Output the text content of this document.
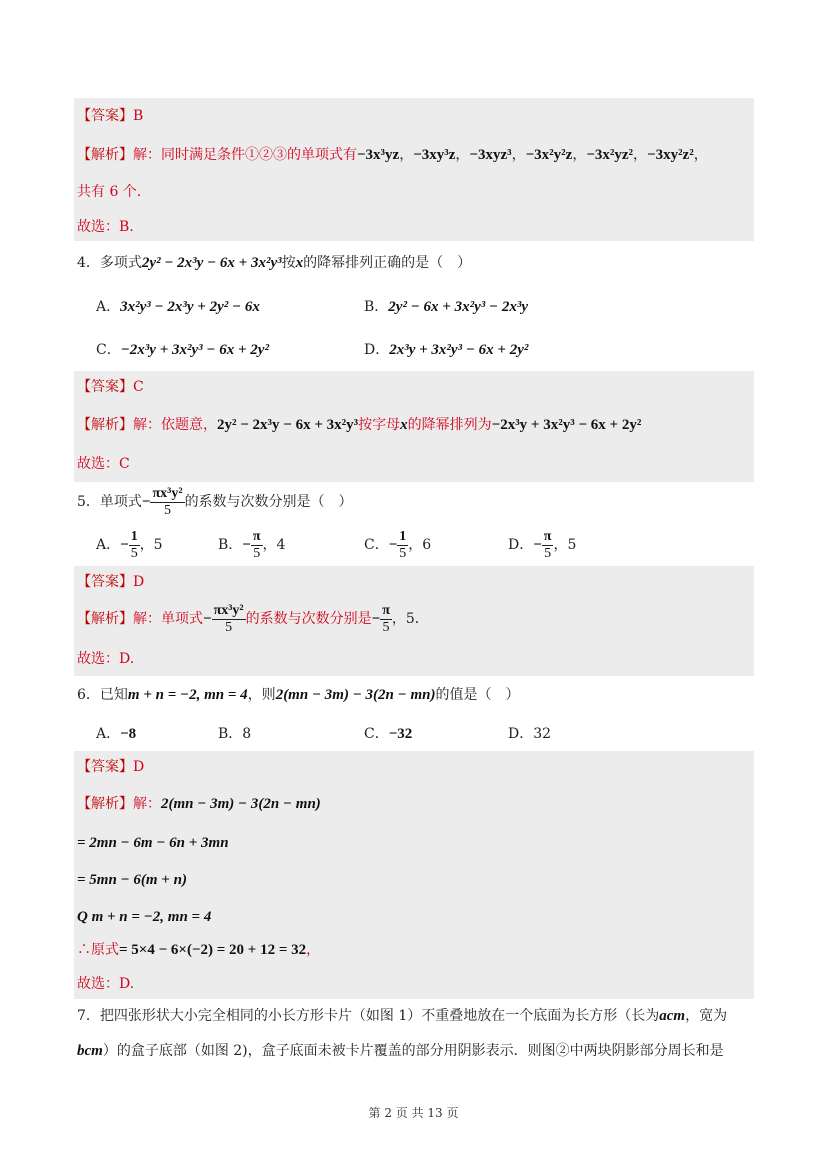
【答案】B
【解析】解：同时满足条件①②③的单项式有−3x³yz，−3xy³z，−3xyz³，−3x²y²z，−3x²yz²，−3xy²z²，
共有 6 个.
故选：B.
4．多项式2y² − 2x³y − 6x + 3x²y³按x的降幂排列正确的是（　）
A．3x²y³ − 2x³y + 2y² − 6x	B．2y² − 6x + 3x²y³ − 2x³y
C．−2x³y + 3x²y³ − 6x + 2y²	D．2x³y + 3x²y³ − 6x + 2y²
【答案】C
【解析】解：依题意，2y² − 2x³y − 6x + 3x²y³按字母x的降幂排列为−2x³y + 3x²y³ − 6x + 2y²
故选：C
5．单项式− $\frac{\text{πx³y²}}{5}$ 的系数与次数分别是（　）
A．− $\frac{1}{5}$ ，5	B．− $\frac{\pi}{5}$ ，4	C．− $\frac{1}{5}$ ，6	D．− $\frac{\pi}{5}$ ，5
【答案】D
【解析】解：单项式− $\frac{\text{πx³y²}}{5}$ 的系数与次数分别是− $\frac{\pi}{5}$ ，5．
故选：D.
6．已知m + n = −2, mn = 4，则2(mn − 3m) − 3(2n − mn)的值是（　）
A．−8	B．8	C．−32	D．32
【答案】D
【解析】解：2(mn − 3m) − 3(2n − mn)
= 2mn − 6m − 6n + 3mn
= 5mn − 6(m + n)
Q m + n = −2, mn = 4
∴原式= 5×4 − 6×(−2) = 20 + 12 = 32，
故选：D.
7．把四张形状大小完全相同的小长方形卡片（如图 1）不重叠地放在一个底面为长方形（长为acm，宽为
bcm）的盒子底部（如图 2)，盒子底面未被卡片覆盖的部分用阴影表示．则图②中两块阴影部分周长和是
第 2 页 共 13 页
